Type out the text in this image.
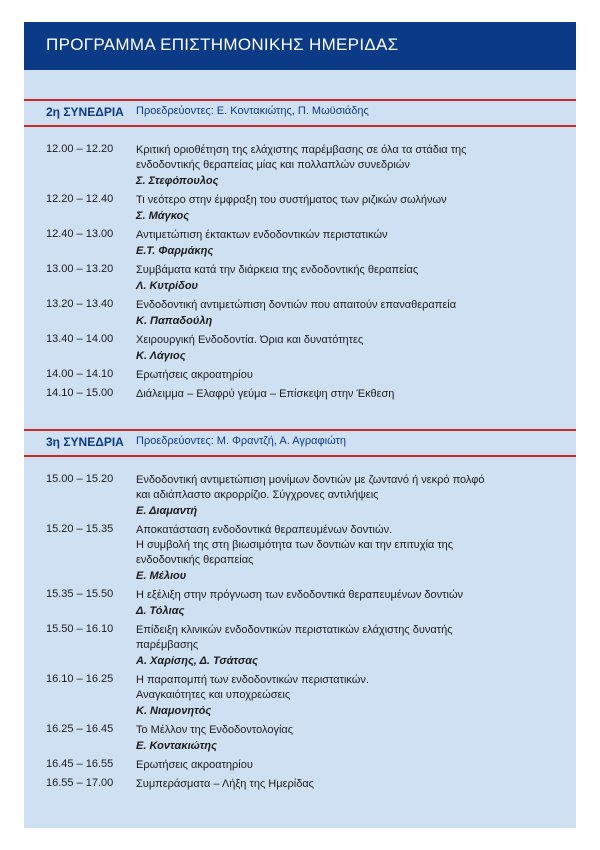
ΠΡΟΓΡΑΜΜΑ ΕΠΙΣΤΗΜΟΝΙΚΗΣ ΗΜΕΡΙΔΑΣ
2η ΣΥΝΕΔΡΙΑ Προεδρεύοντες: Ε. Κοντακιώτης, Π. Μωϋσιάδης
12.00 – 12.20 Κριτική οριοθέτηση της ελάχιστης παρέμβασης σε όλα τα στάδια της
ενδοδοντικής θεραπείας μίας και πολλαπλών συνεδριών
Σ. Στεφόπουλος
12.20 – 12.40 Τι νεότερο στην έμφραξη του συστήματος των ριζικών σωλήνων
Σ. Μάγκος
12.40 – 13.00 Αντιμετώπιση έκτακτων ενδοδοντικών περιστατικών
Ε.Τ. Φαρμάκης
13.00 – 13.20 Συμβάματα κατά την διάρκεια της ενδοδοντικής θεραπείας
Λ. Κυτρίδου
13.20 – 13.40 Ενδοδοντική αντιμετώπιση δοντιών που απαιτούν επαναθεραπεία
Κ. Παπαδούλη
13.40 – 14.00 Χειρουργική Ενδοδοντία. Όρια και δυνατότητες
Κ. Λάγιος
14.00 – 14.10 Ερωτήσεις ακροατηρίου
14.10 – 15.00 Διάλειμμα – Ελαφρύ γεύμα – Επίσκεψη στην Έκθεση
3η ΣΥΝΕΔΡΙΑ Προεδρεύοντες: Μ. Φραντζή, Α. Αγραφιώτη
15.00 – 15.20 Ενδοδοντική αντιμετώπιση μονίμων δοντιών με ζωντανό ή νεκρό πολφό
και αδιάπλαστο ακρορρίζιο. Σύγχρονες αντιλήψεις
Ε. Διαμαντή
15.20 – 15.35 Αποκατάσταση ενδοδοντικά θεραπευμένων δοντιών.
Η συμβολή της στη βιωσιμότητα των δοντιών και την επιτυχία της
ενδοδοντικής θεραπείας
Ε. Μέλιου
15.35 – 15.50 Η εξέλιξη στην πρόγνωση των ενδοδοντικά θεραπευμένων δοντιών
Δ. Τόλιας
15.50 – 16.10 Επίδειξη κλινικών ενδοδοντικών περιστατικών ελάχιστης δυνατής
παρέμβασης
Α. Χαρίσης, Δ. Τσάτσας
16.10 – 16.25 Η παραπομπή των ενδοδοντικών περιστατικών.
Αναγκαιότητες και υποχρεώσεις
Κ. Νιαμονητός
16.25 – 16.45 Το Μέλλον της Ενδοδοντολογίας
Ε. Κοντακιώτης
16.45 – 16.55 Ερωτήσεις ακροατηρίου
16.55 – 17.00 Συμπεράσματα – Λήξη της Ημερίδας
